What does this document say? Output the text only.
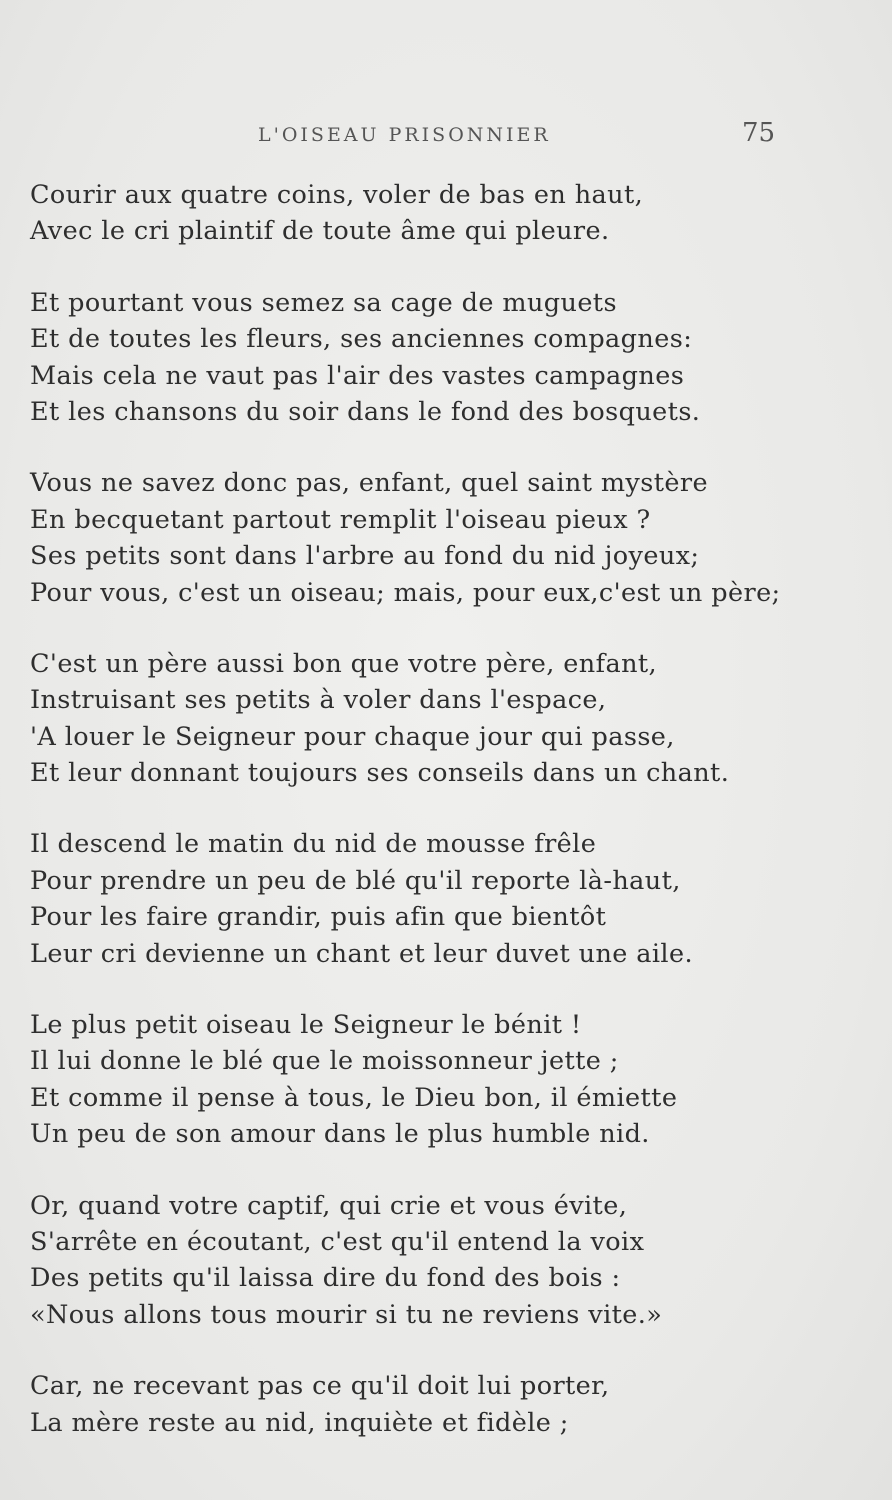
L'OISEAU PRISONNIER	75
Courir aux quatre coins, voler de bas en haut,
Avec le cri plaintif de toute âme qui pleure.
Et pourtant vous semez sa cage de muguets
Et de toutes les fleurs, ses anciennes compagnes:
Mais cela ne vaut pas l'air des vastes campagnes
Et les chansons du soir dans le fond des bosquets.
Vous ne savez donc pas, enfant, quel saint mystère
En becquetant partout remplit l'oiseau pieux ?
Ses petits sont dans l'arbre au fond du nid joyeux;
Pour vous, c'est un oiseau; mais, pour eux,c'est un père;
C'est un père aussi bon que votre père, enfant,
Instruisant ses petits à voler dans l'espace,
'A louer le Seigneur pour chaque jour qui passe,
Et leur donnant toujours ses conseils dans un chant.
Il descend le matin du nid de mousse frêle
Pour prendre un peu de blé qu'il reporte là-haut,
Pour les faire grandir, puis afin que bientôt
Leur cri devienne un chant et leur duvet une aile.
Le plus petit oiseau le Seigneur le bénit !
Il lui donne le blé que le moissonneur jette ;
Et comme il pense à tous, le Dieu bon, il émiette
Un peu de son amour dans le plus humble nid.
Or, quand votre captif, qui crie et vous évite,
S'arrête en écoutant, c'est qu'il entend la voix
Des petits qu'il laissa dire du fond des bois :
«Nous allons tous mourir si tu ne reviens vite.»
Car, ne recevant pas ce qu'il doit lui porter,
La mère reste au nid, inquiète et fidèle ;
